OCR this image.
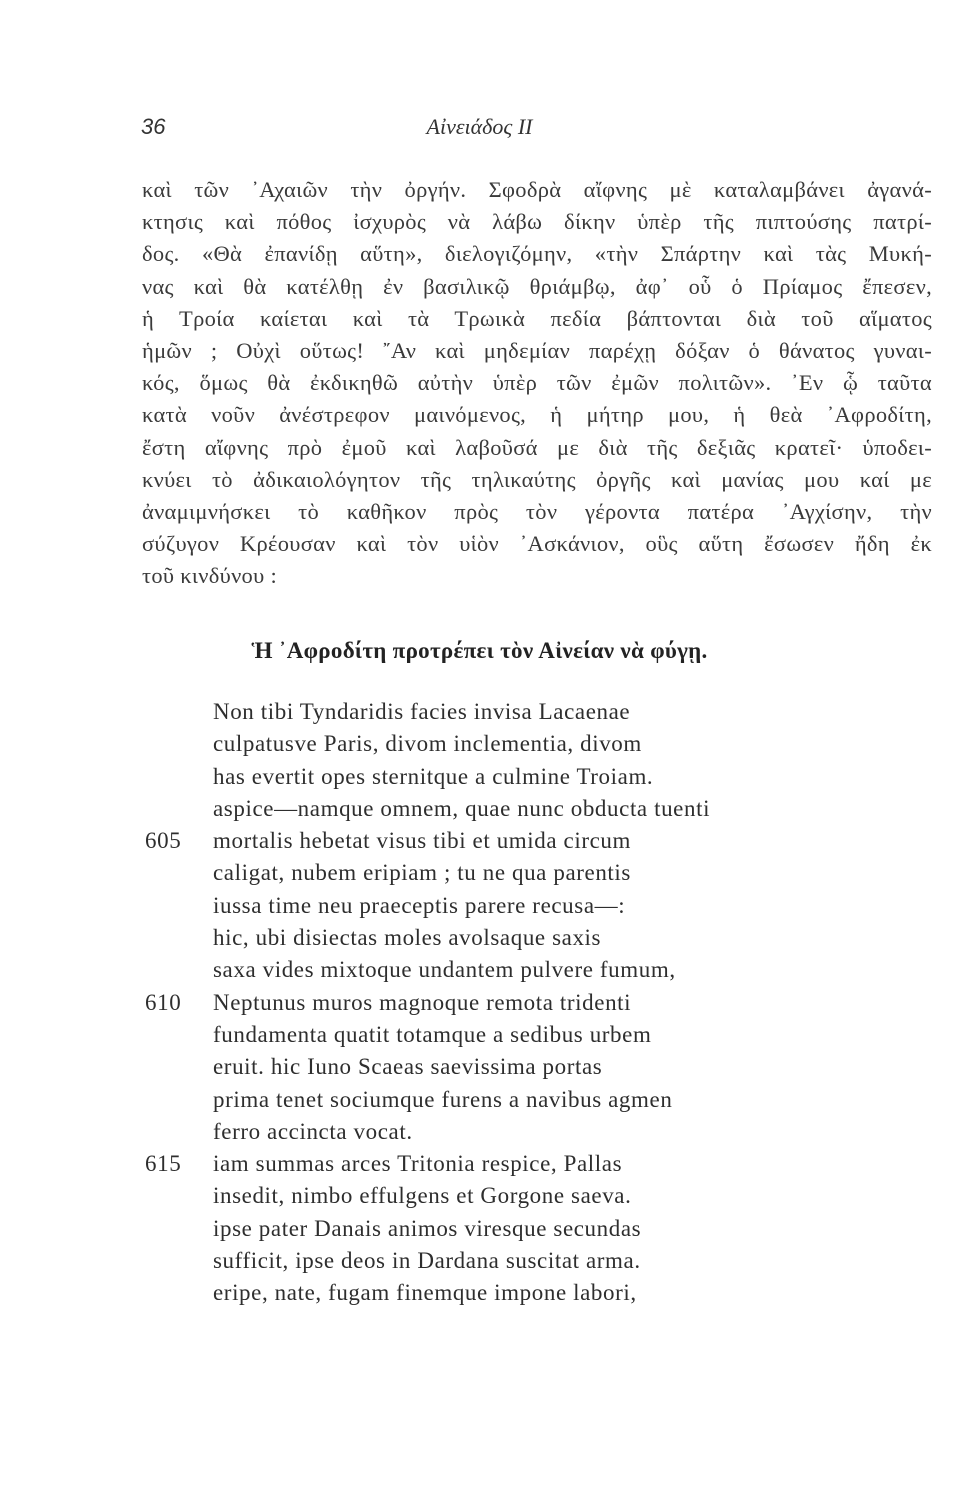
36	Αἰνειάδος II
καὶ τῶν ᾿Αχαιῶν τὴν ὀργήν. Σφοδρὰ αἴφνης μὲ καταλαμβάνει ἀγανά-
κτησις καὶ πόθος ἰσχυρὸς νὰ λάβω δίκην ὑπὲρ τῆς πιπτούσης πατρί-
δος. «Θὰ ἐπανίδῃ αὕτη», διελογιζόμην, «τὴν Σπάρτην καὶ τὰς Μυκή-
νας καὶ θὰ κατέλθῃ ἐν βασιλικῷ θριάμβῳ, ἀφ᾿ οὗ ὁ Πρίαμος ἔπεσεν,
ἡ Τροία καίεται καὶ τὰ Τρωικὰ πεδία βάπτονται διὰ τοῦ αἵματος
ἡμῶν ; Οὐχὶ οὕτως! ῎Αν καὶ μηδεμίαν παρέχῃ δόξαν ὁ θάνατος γυναι-
κός, ὅμως θὰ ἐκδικηθῶ αὐτὴν ὑπὲρ τῶν ἐμῶν πολιτῶν». ᾿Εν ᾧ ταῦτα
κατὰ νοῦν ἀνέστρεφον μαινόμενος, ἡ μήτηρ μου, ἡ θεὰ ᾿Αφροδίτη,
ἔστη αἴφνης πρὸ ἐμοῦ καὶ λαβοῦσά με διὰ τῆς δεξιᾶς κρατεῖ· ὑποδει-
κνύει τὸ ἀδικαιολόγητον τῆς τηλικαύτης ὀργῆς καὶ μανίας μου καί με
ἀναμιμνήσκει τὸ καθῆκον πρὸς τὸν γέροντα πατέρα ᾿Αγχίσην, τὴν
σύζυγον Κρέουσαν καὶ τὸν υἱὸν ᾿Ασκάνιον, οὓς αὕτη ἔσωσεν ἤδη ἐκ
τοῦ κινδύνου :
Ἡ ᾿Αφροδίτη προτρέπει τὸν Αἰνείαν νὰ φύγῃ.
Non tibi Tyndaridis facies invisa Lacaenae
culpatusve Paris, divom inclementia, divom
has evertit opes sternitque a culmine Troiam.
aspice—namque omnem, quae nunc obducta tuenti
605 mortalis hebetat visus tibi et umida circum
caligat, nubem eripiam ; tu ne qua parentis
iussa time neu praeceptis parere recusa—:
hic, ubi disiectas moles avolsaque saxis
saxa vides mixtoque undantem pulvere fumum,
610 Neptunus muros magnoque remota tridenti
fundamenta quatit totamque a sedibus urbem
eruit. hic Iuno Scaeas saevissima portas
prima tenet sociumque furens a navibus agmen
ferro accincta vocat.
615 iam summas arces Tritonia respice, Pallas
insedit, nimbo effulgens et Gorgone saeva.
ipse pater Danais animos viresque secundas
sufficit, ipse deos in Dardana suscitat arma.
eripe, nate, fugam finemque impone labori,
